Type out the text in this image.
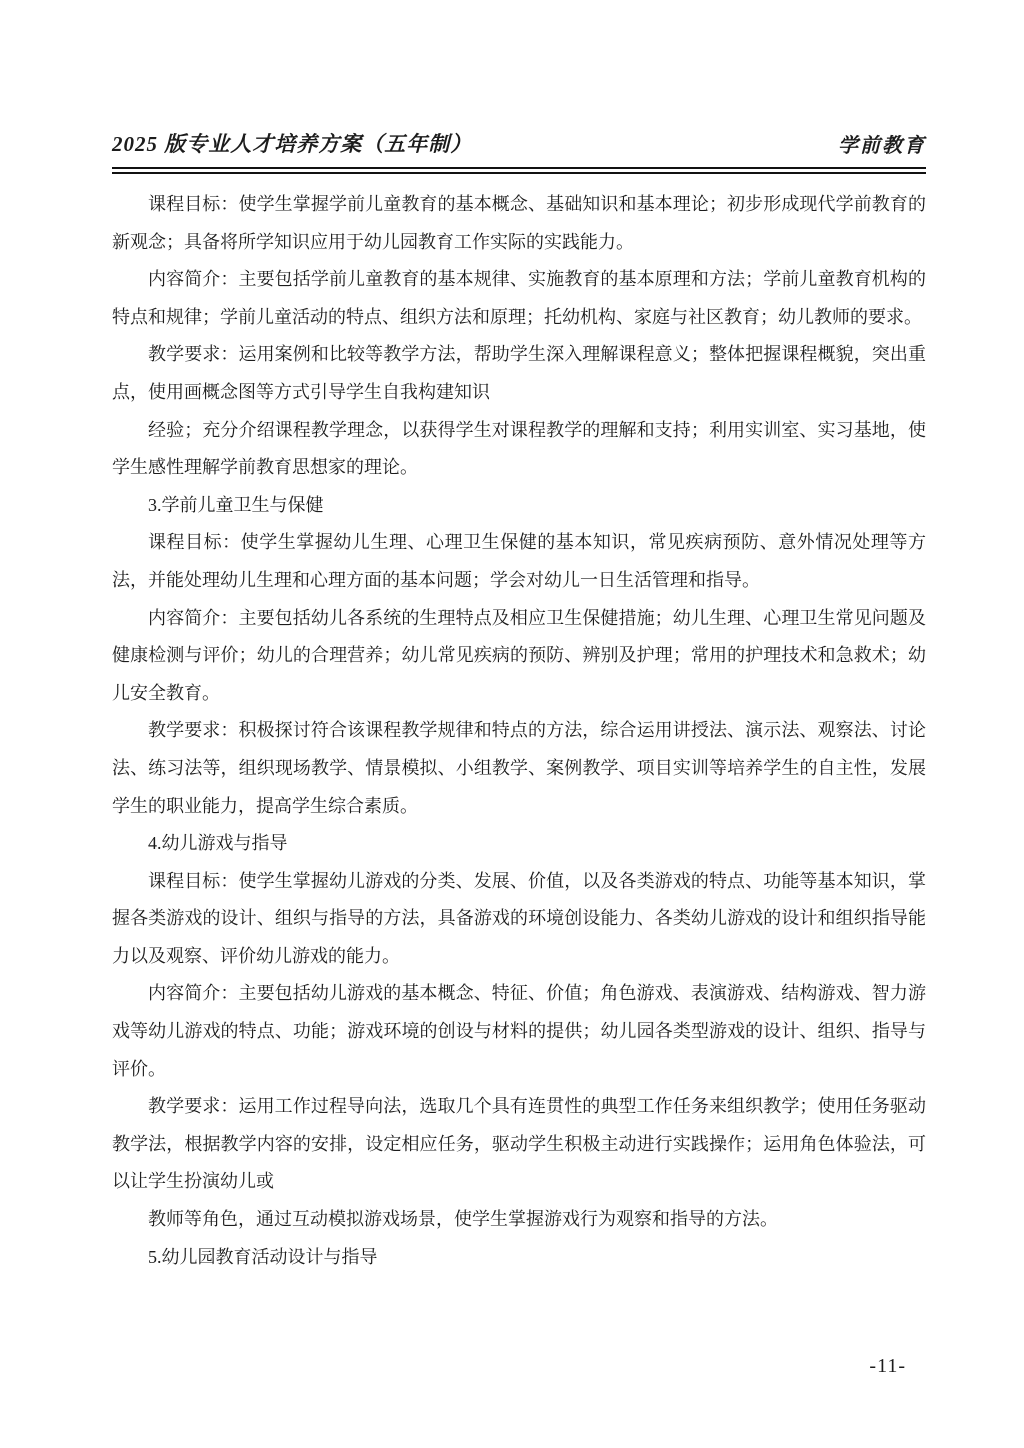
2025 版专业人才培养方案（五年制）	学前教育

课程目标：使学生掌握学前儿童教育的基本概念、基础知识和基本理论；初步形成现代学前教育的新观念；具备将所学知识应用于幼儿园教育工作实际的实践能力。

内容简介：主要包括学前儿童教育的基本规律、实施教育的基本原理和方法；学前儿童教育机构的特点和规律；学前儿童活动的特点、组织方法和原理；托幼机构、家庭与社区教育；幼儿教师的要求。

教学要求：运用案例和比较等教学方法，帮助学生深入理解课程意义；整体把握课程概貌，突出重点，使用画概念图等方式引导学生自我构建知识

经验；充分介绍课程教学理念，以获得学生对课程教学的理解和支持；利用实训室、实习基地，使学生感性理解学前教育思想家的理论。

3.学前儿童卫生与保健

课程目标：使学生掌握幼儿生理、心理卫生保健的基本知识，常见疾病预防、意外情况处理等方法，并能处理幼儿生理和心理方面的基本问题；学会对幼儿一日生活管理和指导。

内容简介：主要包括幼儿各系统的生理特点及相应卫生保健措施；幼儿生理、心理卫生常见问题及健康检测与评价；幼儿的合理营养；幼儿常见疾病的预防、辨别及护理；常用的护理技术和急救术；幼儿安全教育。

教学要求：积极探讨符合该课程教学规律和特点的方法，综合运用讲授法、演示法、观察法、讨论法、练习法等，组织现场教学、情景模拟、小组教学、案例教学、项目实训等培养学生的自主性，发展学生的职业能力，提高学生综合素质。

4.幼儿游戏与指导

课程目标：使学生掌握幼儿游戏的分类、发展、价值，以及各类游戏的特点、功能等基本知识，掌握各类游戏的设计、组织与指导的方法，具备游戏的环境创设能力、各类幼儿游戏的设计和组织指导能力以及观察、评价幼儿游戏的能力。

内容简介：主要包括幼儿游戏的基本概念、特征、价值；角色游戏、表演游戏、结构游戏、智力游戏等幼儿游戏的特点、功能；游戏环境的创设与材料的提供；幼儿园各类型游戏的设计、组织、指导与评价。

教学要求：运用工作过程导向法，选取几个具有连贯性的典型工作任务来组织教学；使用任务驱动教学法，根据教学内容的安排，设定相应任务，驱动学生积极主动进行实践操作；运用角色体验法，可以让学生扮演幼儿或

教师等角色，通过互动模拟游戏场景，使学生掌握游戏行为观察和指导的方法。

5.幼儿园教育活动设计与指导

-11-
